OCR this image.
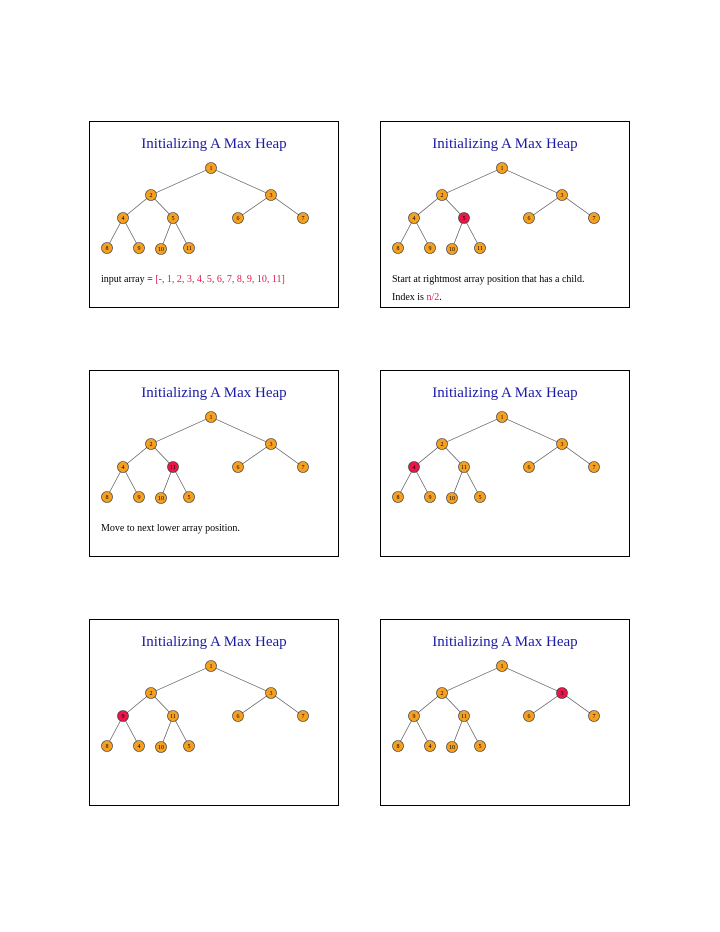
Initializing A Max Heap
1
2	3
4	5	6	7
8	9	10	11
input array = [-, 1, 2, 3, 4, 5, 6, 7, 8, 9, 10, 11]
Initializing A Max Heap
1
2	3
4	5	6	7
8	9	10	11
Start at rightmost array position that has a child.
Index is n/2.
Initializing A Max Heap
1
2	3
4	11	6	7
8	9	10	5
Move to next lower array position.
Initializing A Max Heap
1
2	3
4	11	6	7
8	9	10	5
Initializing A Max Heap
1
2	3
9	11	6	7
8	4	10	5
Initializing A Max Heap
1
2	3
9	11	6	7
8	4	10	5
